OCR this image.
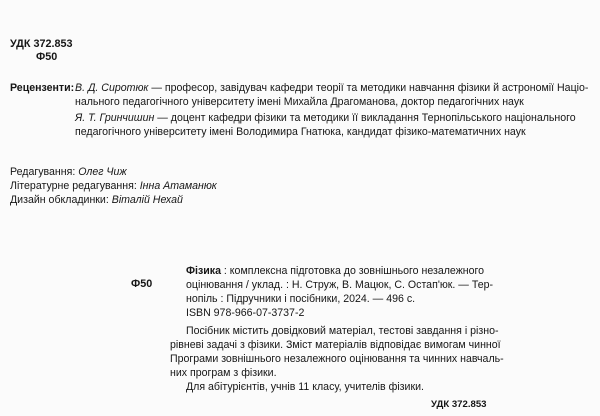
УДК 372.853
Ф50
Рецензенти: В. Д. Сиротюк — професор, завідувач кафедри теорії та методики навчання фізики й астрономії Націо-
нального педагогічного університету імені Михайла Драгоманова, доктор педагогічних наук
Я. Т. Гринчишин — доцент кафедри фізики та методики її викладання Тернопільського національного
педагогічного університету імені Володимира Гнатюка, кандидат фізико-математичних наук
Редагування: Олег Чиж
Літературне редагування: Інна Атаманюк
Дизайн обкладинки: Віталій Нехай
Ф50
Фізика : комплексна підготовка до зовнішнього незалежного
оцінювання / уклад. : Н. Струж, В. Мацюк, С. Остап'юк. — Тер-
нопіль : Підручники і посібники, 2024. — 496 с.
ISBN 978-966-07-3737-2
Посібник містить довідковий матеріал, тестові завдання і різно-
рівневі задачі з фізики. Зміст матеріалів відповідає вимогам чинної
Програми зовнішнього незалежного оцінювання та чинних навчаль-
них програм з фізики.
Для абітурієнтів, учнів 11 класу, учителів фізики.
УДК 372.853
